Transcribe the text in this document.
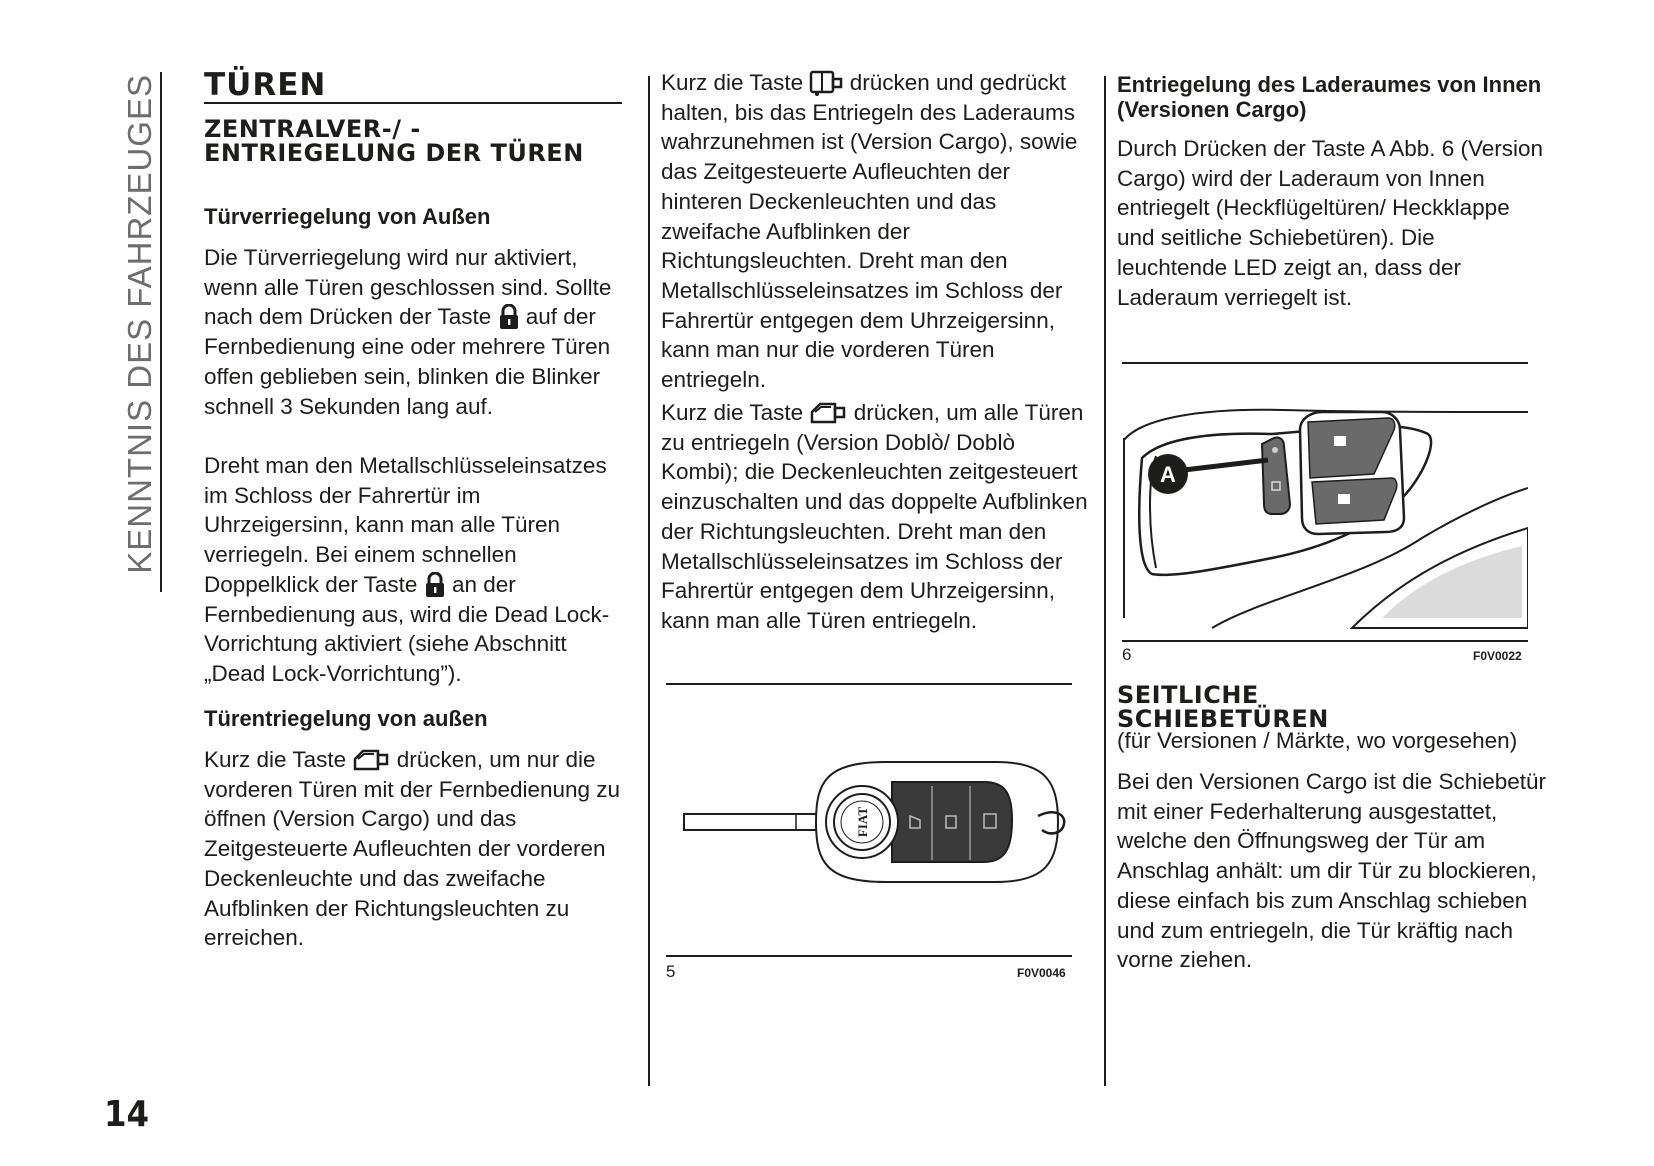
KENNTNIS DES FAHRZEUGES
14
TÜREN
ZENTRALVER-/ -ENTRIEGELUNG DER TÜREN
Türverriegelung von Außen
Die Türverriegelung wird nur aktiviert, wenn alle Türen geschlossen sind. Sollte nach dem Drücken der Taste auf der Fernbedienung eine oder mehrere Türen offen geblieben sein, blinken die Blinker schnell 3 Sekunden lang auf.
Dreht man den Metallschlüsseleinsatzes im Schloss der Fahrertür im Uhrzeigersinn, kann man alle Türen verriegeln. Bei einem schnellen Doppelklick der Taste an der Fernbedienung aus, wird die Dead Lock-Vorrichtung aktiviert (siehe Abschnitt „Dead Lock-Vorrichtung”).
Türentriegelung von außen
Kurz die Taste drücken, um nur die vorderen Türen mit der Fernbedienung zu öffnen (Version Cargo) und das Zeitgesteuerte Aufleuchten der vorderen Deckenleuchte und das zweifache Aufblinken der Richtungsleuchten zu erreichen.
Kurz die Taste drücken und gedrückt halten, bis das Entriegeln des Laderaums wahrzunehmen ist (Version Cargo), sowie das Zeitgesteuerte Aufleuchten der hinteren Deckenleuchten und das zweifache Aufblinken der Richtungsleuchten. Dreht man den Metallschlüsseleinsatzes im Schloss der Fahrertür entgegen dem Uhrzeigersinn, kann man nur die vorderen Türen entriegeln.
Kurz die Taste drücken, um alle Türen zu entriegeln (Version Doblò/ Doblò Kombi); die Deckenleuchten zeitgesteuert einzuschalten und das doppelte Aufblinken der Richtungsleuchten. Dreht man den Metallschlüsseleinsatzes im Schloss der Fahrertür entgegen dem Uhrzeigersinn, kann man alle Türen entriegeln.
FIAT
5	F0V0046
Entriegelung des Laderaumes von Innen (Versionen Cargo)
Durch Drücken der Taste A Abb. 6 (Version Cargo) wird der Laderaum von Innen entriegelt (Heckflügeltüren/ Heckklappe und seitliche Schiebetüren). Die leuchtende LED zeigt an, dass der Laderaum verriegelt ist.
A
6	F0V0022
SEITLICHE SCHIEBETÜREN
(für Versionen / Märkte, wo vorgesehen)
Bei den Versionen Cargo ist die Schiebetür mit einer Federhalterung ausgestattet, welche den Öffnungsweg der Tür am Anschlag anhält: um dir Tür zu blockieren, diese einfach bis zum Anschlag schieben und zum entriegeln, die Tür kräftig nach vorne ziehen.
